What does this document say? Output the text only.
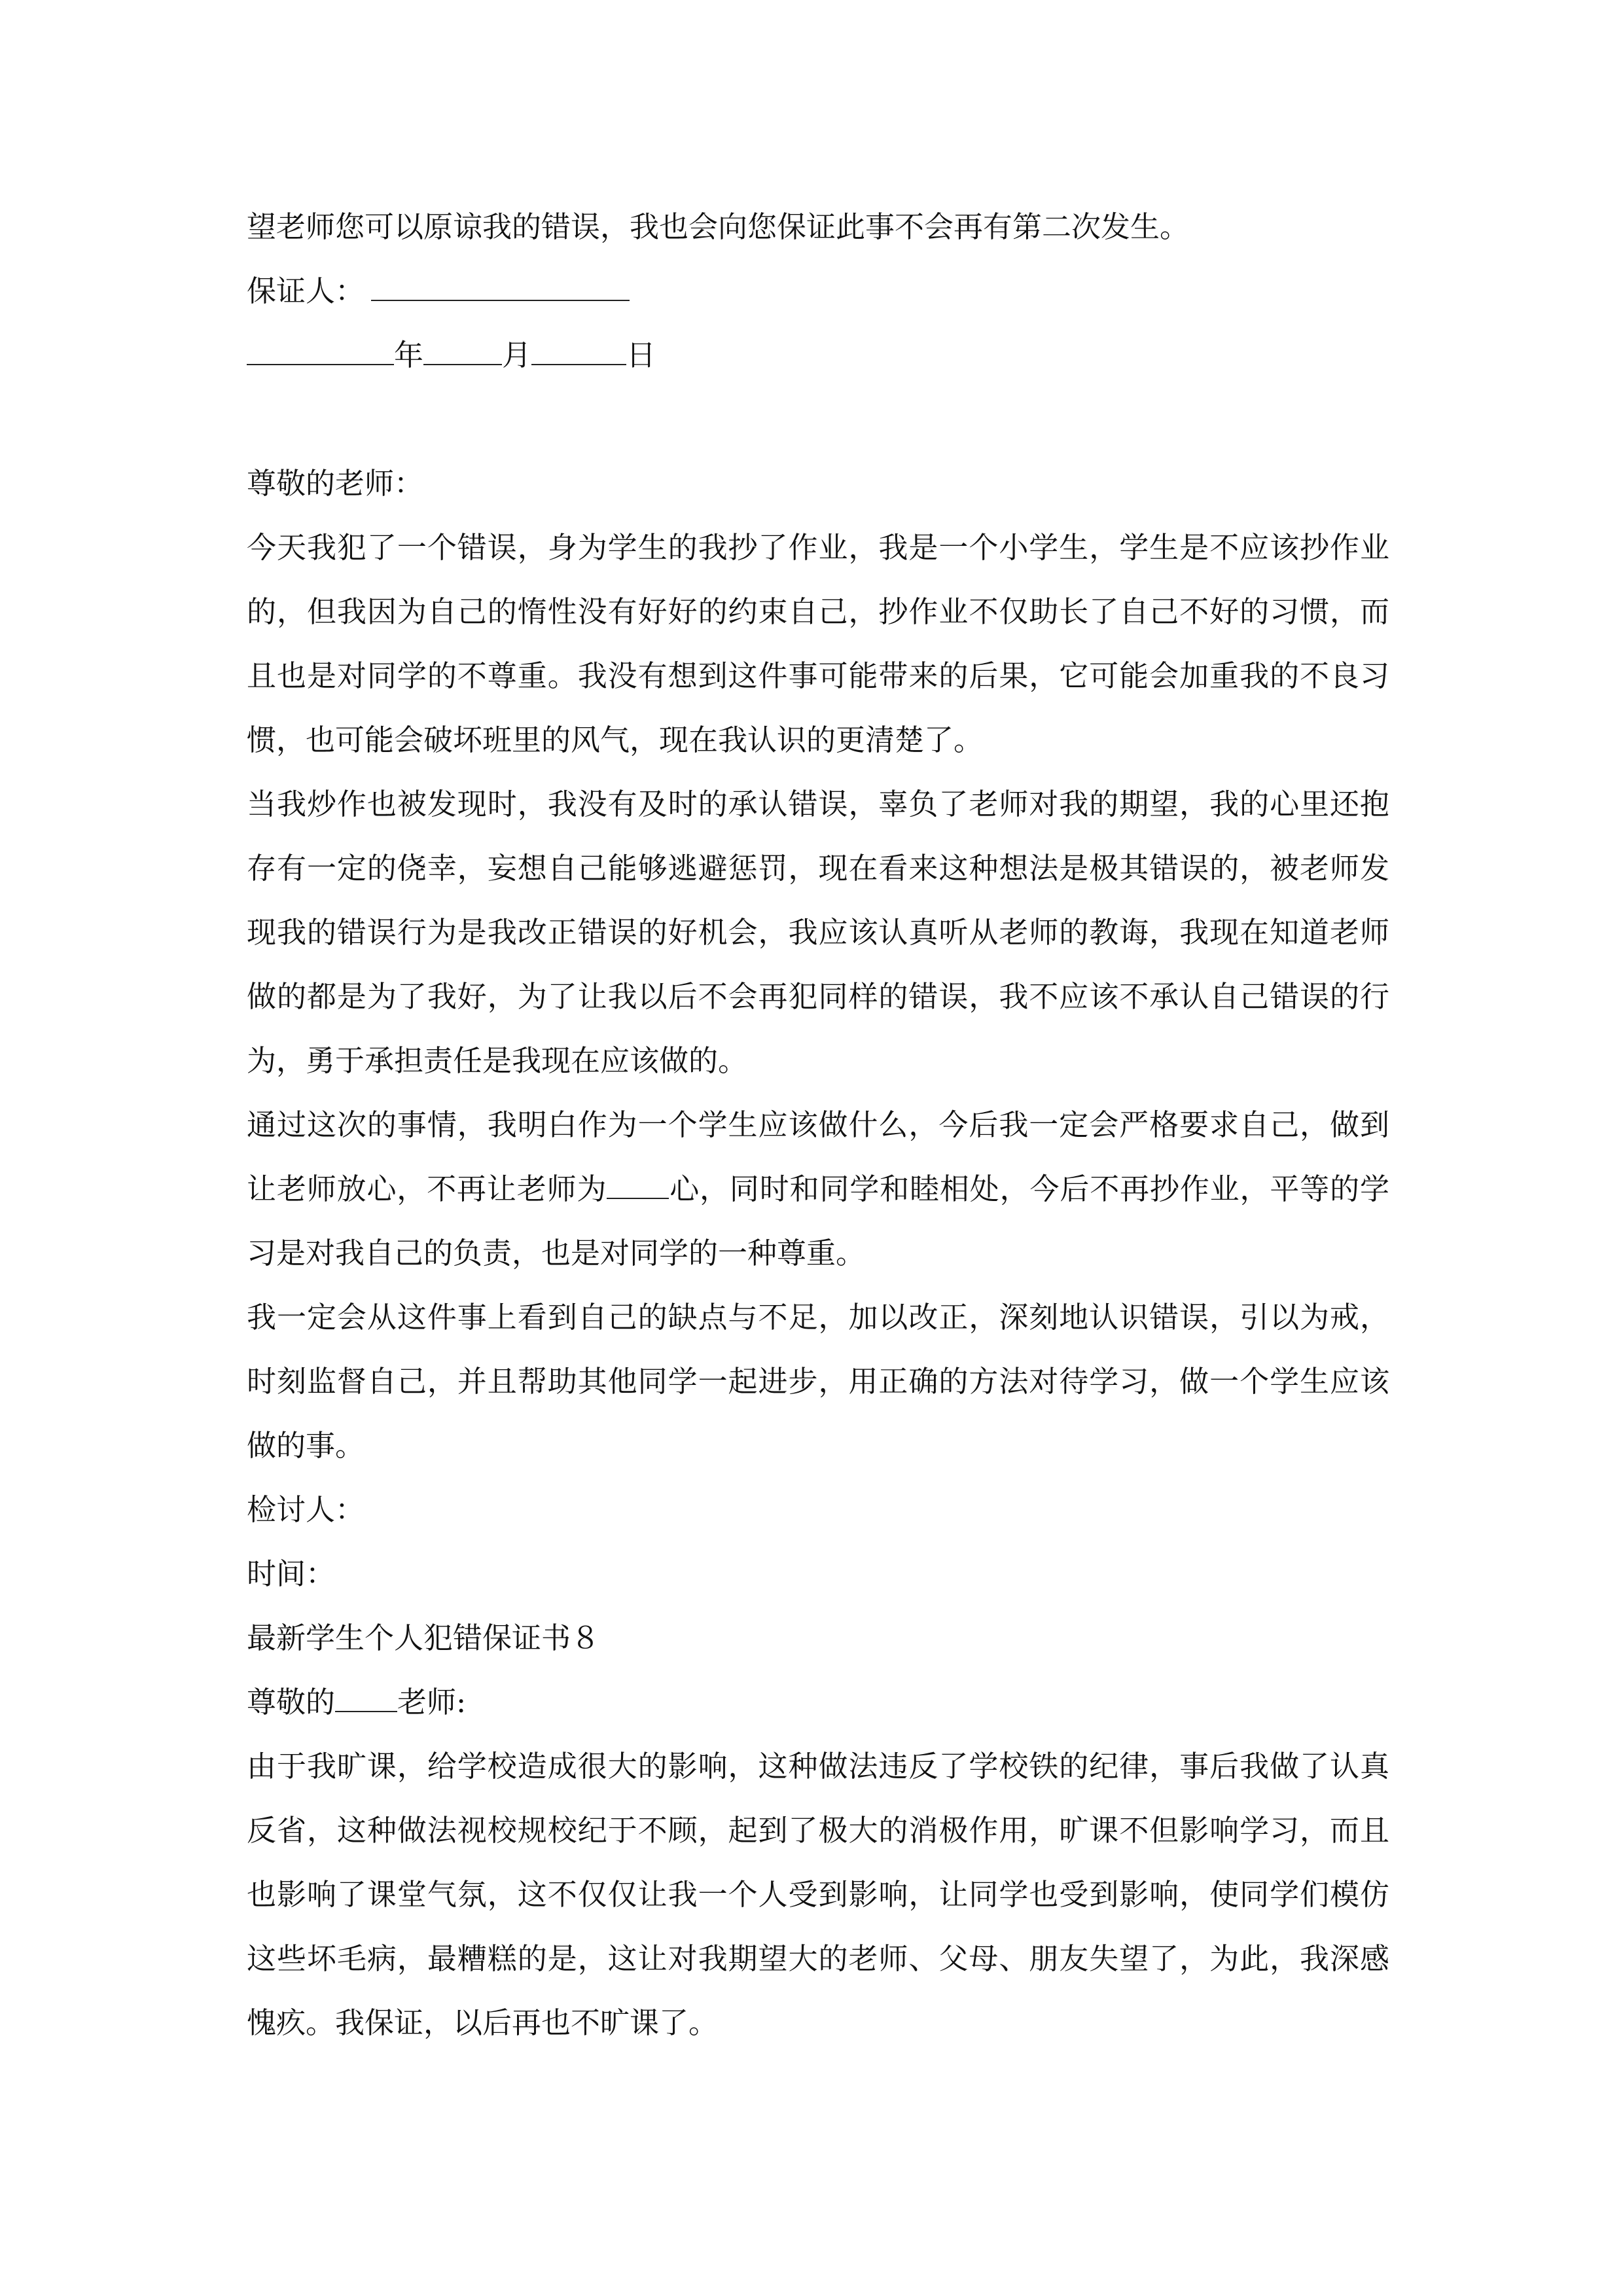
望老师您可以原谅我的错误，我也会向您保证此事不会再有第二次发生。
保证人：
年	月	日
尊敬的老师：
今天我犯了一个错误，身为学生的我抄了作业，我是一个小学生，学生是不应该抄作业的，但我因为自己的惰性没有好好的约束自己，抄作业不仅助长了自己不好的习惯，而且也是对同学的不尊重。我没有想到这件事可能带来的后果，它可能会加重我的不良习惯，也可能会破坏班里的风气，现在我认识的更清楚了。
当我炒作也被发现时，我没有及时的承认错误，辜负了老师对我的期望，我的心里还抱存有一定的侥幸，妄想自己能够逃避惩罚，现在看来这种想法是极其错误的，被老师发现我的错误行为是我改正错误的好机会，我应该认真听从老师的教诲，我现在知道老师做的都是为了我好，为了让我以后不会再犯同样的错误，我不应该不承认自己错误的行为，勇于承担责任是我现在应该做的。
通过这次的事情，我明白作为一个学生应该做什么，今后我一定会严格要求自己，做到让老师放心，不再让老师为 心，同时和同学和睦相处，今后不再抄作业，平等的学习是对我自己的负责，也是对同学的一种尊重。
我一定会从这件事上看到自己的缺点与不足，加以改正，深刻地认识错误，引以为戒，时刻监督自己，并且帮助其他同学一起进步，用正确的方法对待学习，做一个学生应该做的事。
检讨人：
时间：
最新学生个人犯错保证书８
尊敬的 老师:
由于我旷课，给学校造成很大的影响，这种做法违反了学校铁的纪律，事后我做了认真反省，这种做法视校规校纪于不顾，起到了极大的消极作用，旷课不但影响学习，而且也影响了课堂气氛，这不仅仅让我一个人受到影响，让同学也受到影响，使同学们模仿这些坏毛病，最糟糕的是，这让对我期望大的老师、父母、朋友失望了，为此，我深感愧疚。我保证，以后再也不旷课了。
